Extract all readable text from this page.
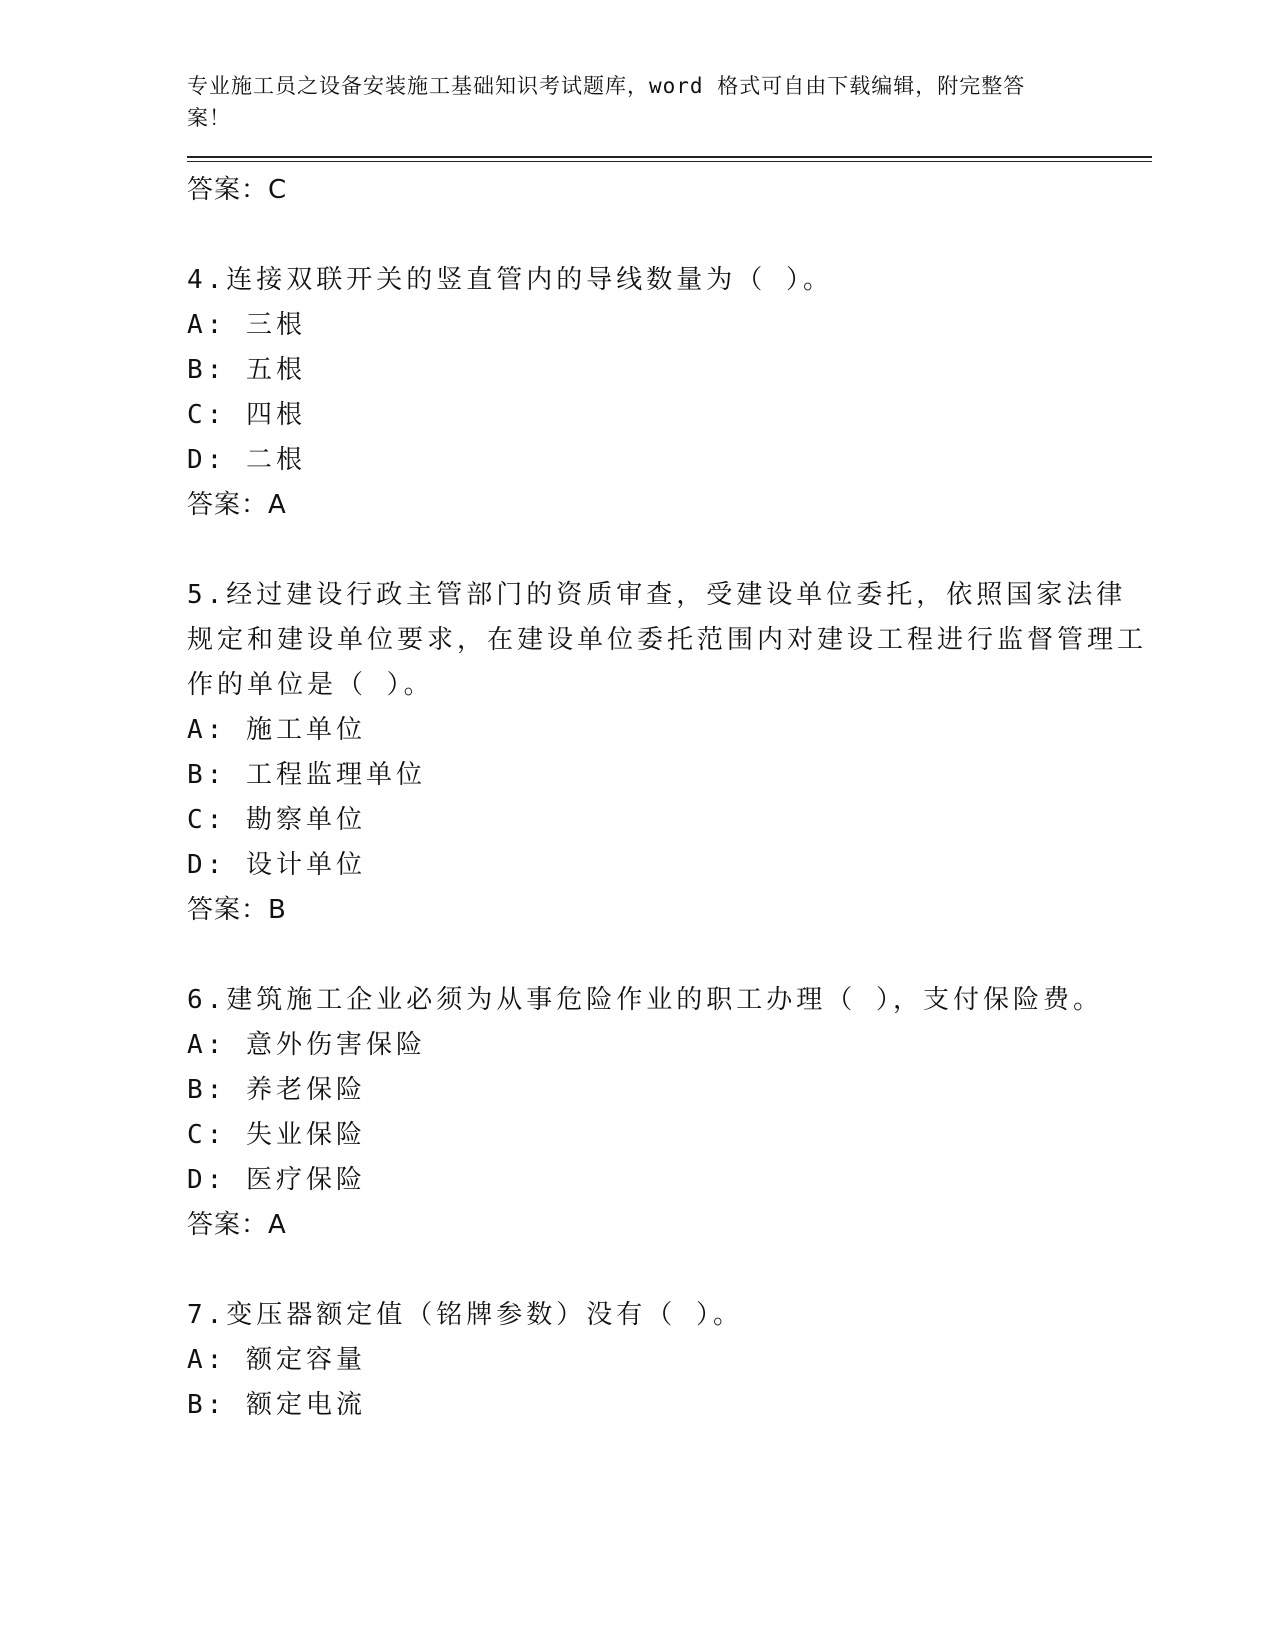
专业施工员之设备安装施工基础知识考试题库，word 格式可自由下载编辑，附完整答案！
答案：C
4.连接双联开关的竖直管内的导线数量为（ ）。
A: 三根
B: 五根
C: 四根
D: 二根
答案：A
5.经过建设行政主管部门的资质审查，受建设单位委托，依照国家法律规定和建设单位要求，在建设单位委托范围内对建设工程进行监督管理工作的单位是（ ）。
A: 施工单位
B: 工程监理单位
C: 勘察单位
D: 设计单位
答案：B
6.建筑施工企业必须为从事危险作业的职工办理（ ），支付保险费。
A: 意外伤害保险
B: 养老保险
C: 失业保险
D: 医疗保险
答案：A
7.变压器额定值（铭牌参数）没有（ ）。
A: 额定容量
B: 额定电流
